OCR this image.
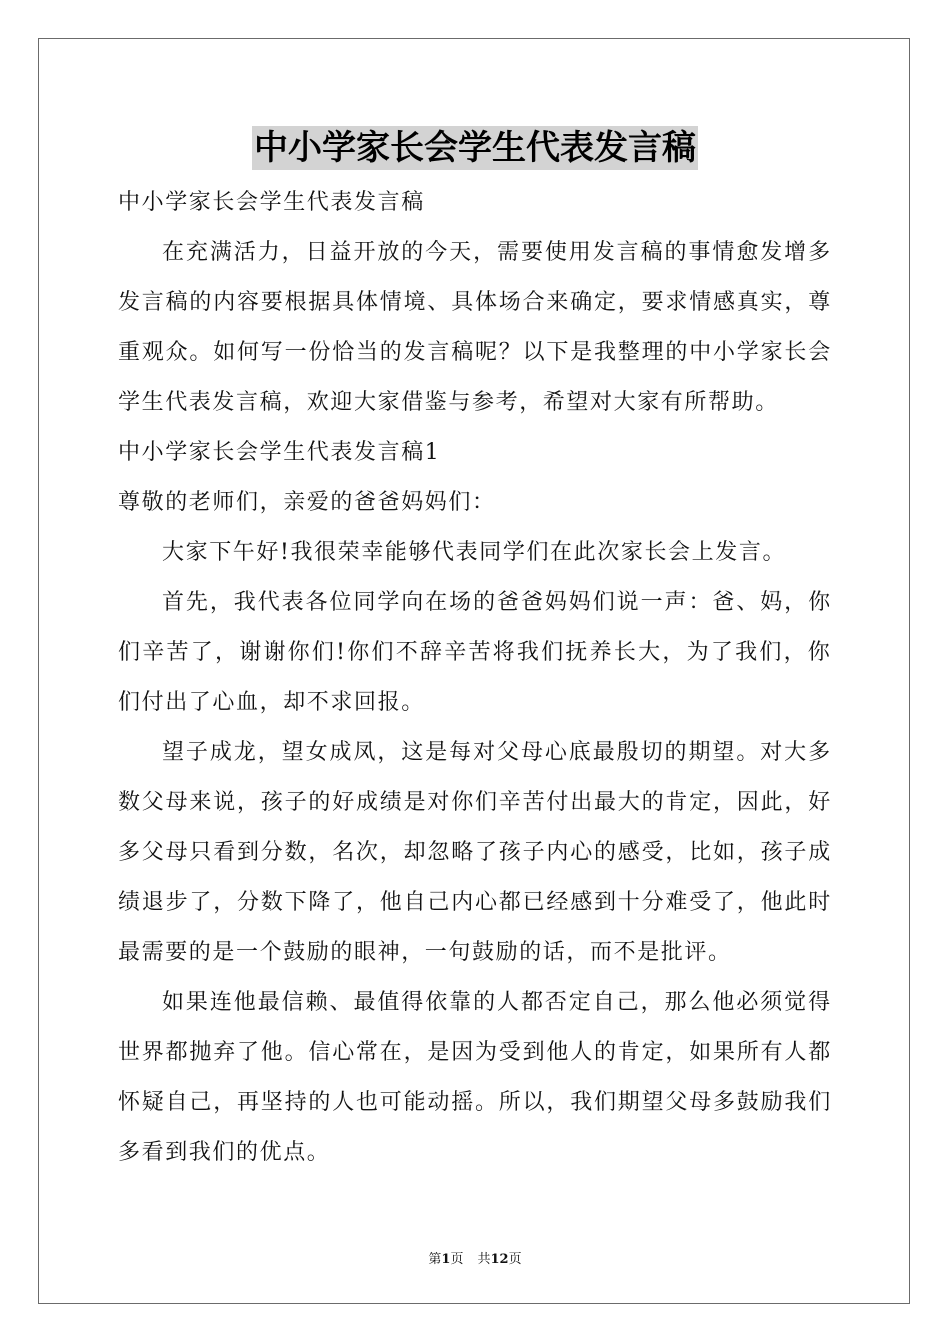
中小学家长会学生代表发言稿

中小学家长会学生代表发言稿

在充满活力，日益开放的今天，需要使用发言稿的事情愈发增多

发言稿的内容要根据具体情境、具体场合来确定，要求情感真实，尊

重观众。如何写一份恰当的发言稿呢？以下是我整理的中小学家长会

学生代表发言稿，欢迎大家借鉴与参考，希望对大家有所帮助。

中小学家长会学生代表发言稿1

尊敬的老师们，亲爱的爸爸妈妈们：

大家下午好!我很荣幸能够代表同学们在此次家长会上发言。

首先，我代表各位同学向在场的爸爸妈妈们说一声：爸、妈，你

们辛苦了，谢谢你们!你们不辞辛苦将我们抚养长大，为了我们，你

们付出了心血，却不求回报。

望子成龙，望女成凤，这是每对父母心底最殷切的期望。对大多

数父母来说，孩子的好成绩是对你们辛苦付出最大的肯定，因此，好

多父母只看到分数，名次，却忽略了孩子内心的感受，比如，孩子成

绩退步了，分数下降了，他自己内心都已经感到十分难受了，他此时

最需要的是一个鼓励的眼神，一句鼓励的话，而不是批评。

如果连他最信赖、最值得依靠的人都否定自己，那么他必须觉得

世界都抛弃了他。信心常在，是因为受到他人的肯定，如果所有人都

怀疑自己，再坚持的人也可能动摇。所以，我们期望父母多鼓励我们

多看到我们的优点。

第1页 共12页
